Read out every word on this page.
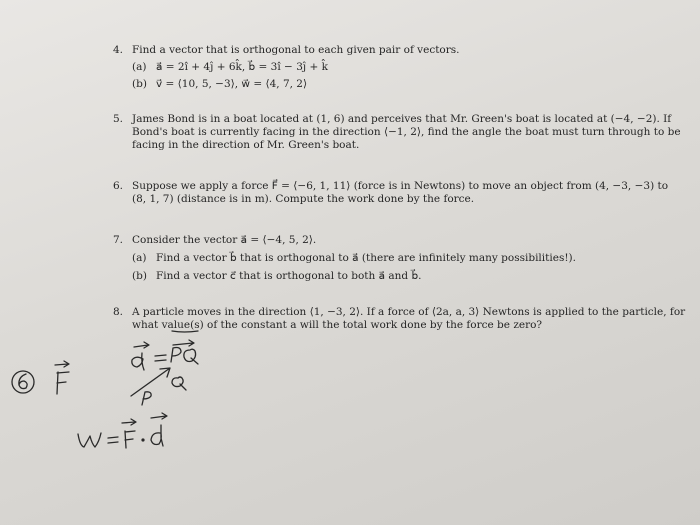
4. Find a vector that is orthogonal to each given pair of vectors.
(a) a⃗ = 2î + 4ĵ + 6k̂, b⃗ = 3î − 3ĵ + k̂
(b) v⃗ = ⟨10, 5, −3⟩, w⃗ = ⟨4, 7, 2⟩
5. James Bond is in a boat located at (1, 6) and perceives that Mr. Green's boat is located at (−4, −2). If
Bond's boat is currently facing in the direction ⟨−1, 2⟩, find the angle the boat must turn through to be
facing in the direction of Mr. Green's boat.
6. Suppose we apply a force F⃗ = ⟨−6, 1, 11⟩ (force is in Newtons) to move an object from (4, −3, −3) to
(8, 1, 7) (distance is in m). Compute the work done by the force.
7. Consider the vector a⃗ = ⟨−4, 5, 2⟩.
(a) Find a vector b⃗ that is orthogonal to a⃗ (there are infinitely many possibilities!).
(b) Find a vector c⃗ that is orthogonal to both a⃗ and b⃗.
8. A particle moves in the direction ⟨1, −3, 2⟩. If a force of ⟨2a, a, 3⟩ Newtons is applied to the particle, for
what value(s) of the constant a will the total work done by the force be zero?
